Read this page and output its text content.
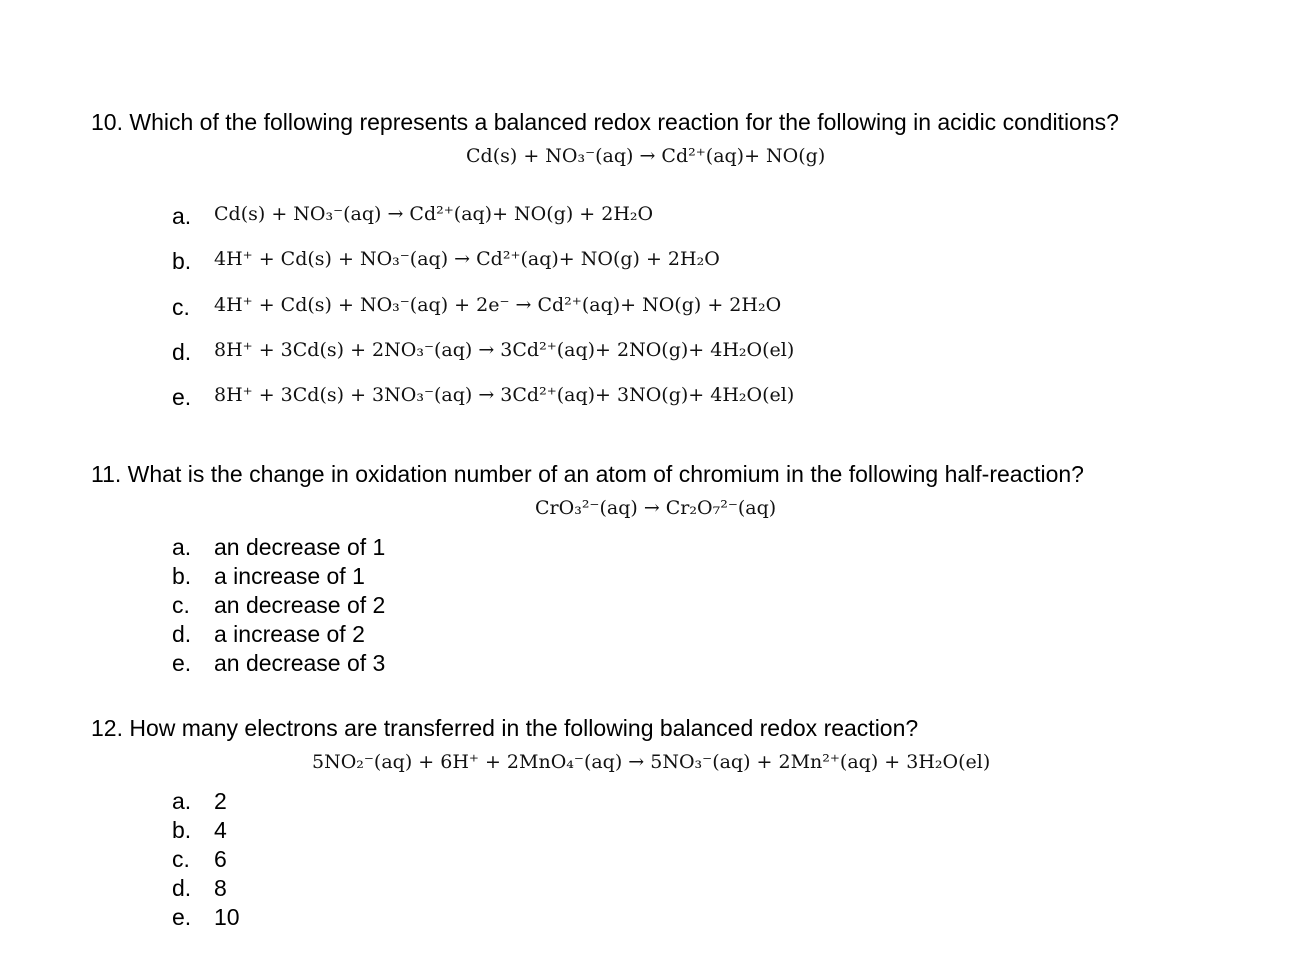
10. Which of the following represents a balanced redox reaction for the following in acidic conditions?
Cd(s) + NO₃⁻(aq) → Cd²⁺(aq)+ NO(g)
a. Cd(s) + NO₃⁻(aq) → Cd²⁺(aq)+ NO(g) + 2H₂O
b. 4H⁺ + Cd(s) + NO₃⁻(aq) → Cd²⁺(aq)+ NO(g) + 2H₂O
c. 4H⁺ + Cd(s) + NO₃⁻(aq) + 2e⁻ → Cd²⁺(aq)+ NO(g) + 2H₂O
d. 8H⁺ + 3Cd(s) + 2NO₃⁻(aq) → 3Cd²⁺(aq)+ 2NO(g)+ 4H₂O(el)
e. 8H⁺ + 3Cd(s) + 3NO₃⁻(aq) → 3Cd²⁺(aq)+ 3NO(g)+ 4H₂O(el)
11. What is the change in oxidation number of an atom of chromium in the following half-reaction?
CrO₃²⁻(aq) → Cr₂O₇²⁻(aq)
a. an decrease of 1
b. a increase of 1
c. an decrease of 2
d. a increase of 2
e. an decrease of 3
12. How many electrons are transferred in the following balanced redox reaction?
5NO₂⁻(aq) + 6H⁺ + 2MnO₄⁻(aq) → 5NO₃⁻(aq) + 2Mn²⁺(aq) + 3H₂O(el)
a. 2
b. 4
c. 6
d. 8
e. 10
